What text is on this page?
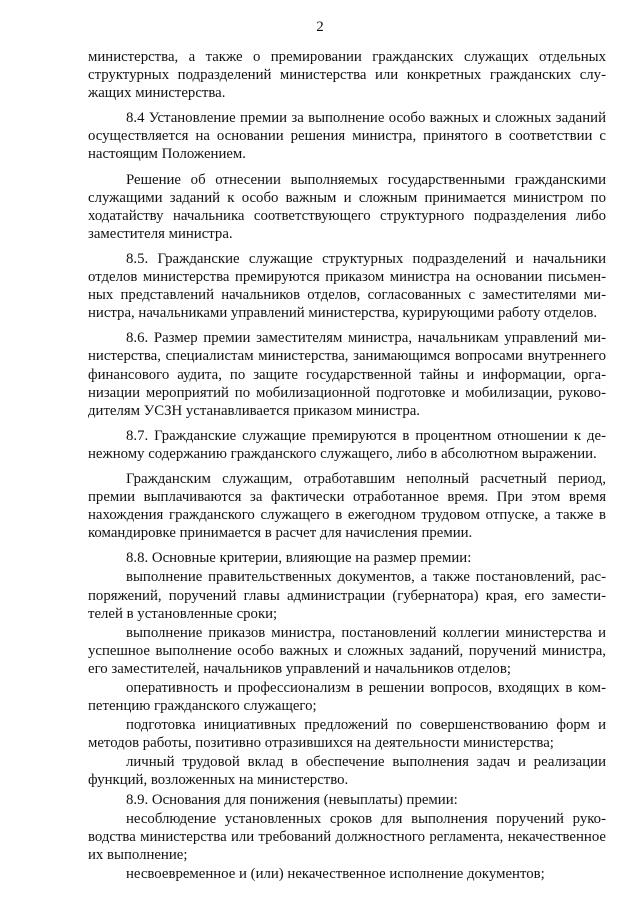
2

министерства, а также о премировании гражданских служащих отдельных структурных подразделений министерства или конкретных гражданских служащих министерства.

8.4 Установление премии за выполнение особо важных и сложных заданий осуществляется на основании решения министра, принятого в соответствии с настоящим Положением.

Решение об отнесении выполняемых государственными гражданскими служащими заданий к особо важным и сложным принимается министром по ходатайству начальника соответствующего структурного подразделения либо заместителя министра.

8.5. Гражданские служащие структурных подразделений и начальники отделов министерства премируются приказом министра на основании письменных представлений начальников отделов, согласованных с заместителями министра, начальниками управлений министерства, курирующими работу отделов.

8.6. Размер премии заместителям министра, начальникам управлений министерства, специалистам министерства, занимающимся вопросами внутреннего финансового аудита, по защите государственной тайны и информации, организации мероприятий по мобилизационной подготовке и мобилизации, руководителям УСЗН устанавливается приказом министра.

8.7. Гражданские служащие премируются в процентном отношении к денежному содержанию гражданского служащего, либо в абсолютном выражении.

Гражданским служащим, отработавшим неполный расчетный период, премии выплачиваются за фактически отработанное время. При этом время нахождения гражданского служащего в ежегодном трудовом отпуске, а также в командировке принимается в расчет для начисления премии.

8.8. Основные критерии, влияющие на размер премии:

выполнение правительственных документов, а также постановлений, распоряжений, поручений главы администрации (губернатора) края, его заместителей в установленные сроки;

выполнение приказов министра, постановлений коллегии министерства и успешное выполнение особо важных и сложных заданий, поручений министра, его заместителей, начальников управлений и начальников отделов;

оперативность и профессионализм в решении вопросов, входящих в компетенцию гражданского служащего;

подготовка инициативных предложений по совершенствованию форм и методов работы, позитивно отразившихся на деятельности министерства;

личный трудовой вклад в обеспечение выполнения задач и реализации функций, возложенных на министерство.

8.9. Основания для понижения (невыплаты) премии:

несоблюдение установленных сроков для выполнения поручений руководства министерства или требований должностного регламента, некачественное их выполнение;

несвоевременное и (или) некачественное исполнение документов;
